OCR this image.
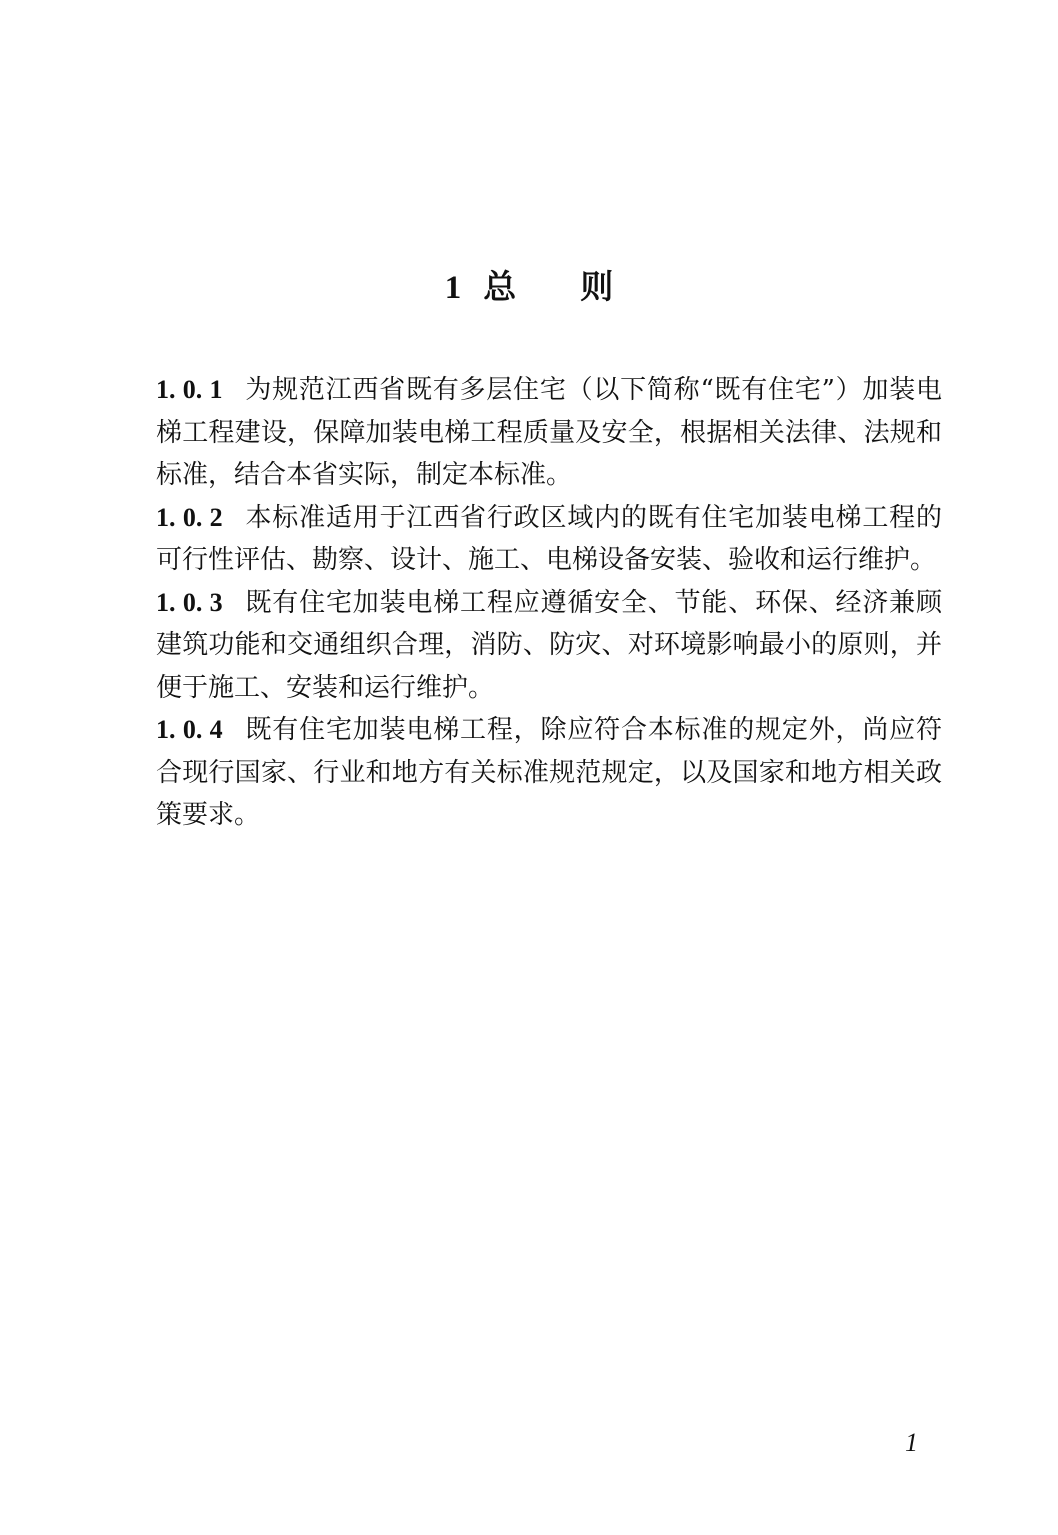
1 总 则

1. 0. 1 为规范江西省既有多层住宅（以下简称“既有住宅”）加装电梯工程建设，保障加装电梯工程质量及安全，根据相关法律、法规和标准，结合本省实际，制定本标准。

1. 0. 2 本标准适用于江西省行政区域内的既有住宅加装电梯工程的可行性评估、勘察、设计、施工、电梯设备安装、验收和运行维护。

1. 0. 3 既有住宅加装电梯工程应遵循安全、节能、环保、经济兼顾建筑功能和交通组织合理，消防、防灾、对环境影响最小的原则，并便于施工、安装和运行维护。

1. 0. 4 既有住宅加装电梯工程，除应符合本标准的规定外，尚应符合现行国家、行业和地方有关标准规范规定，以及国家和地方相关政策要求。

1
